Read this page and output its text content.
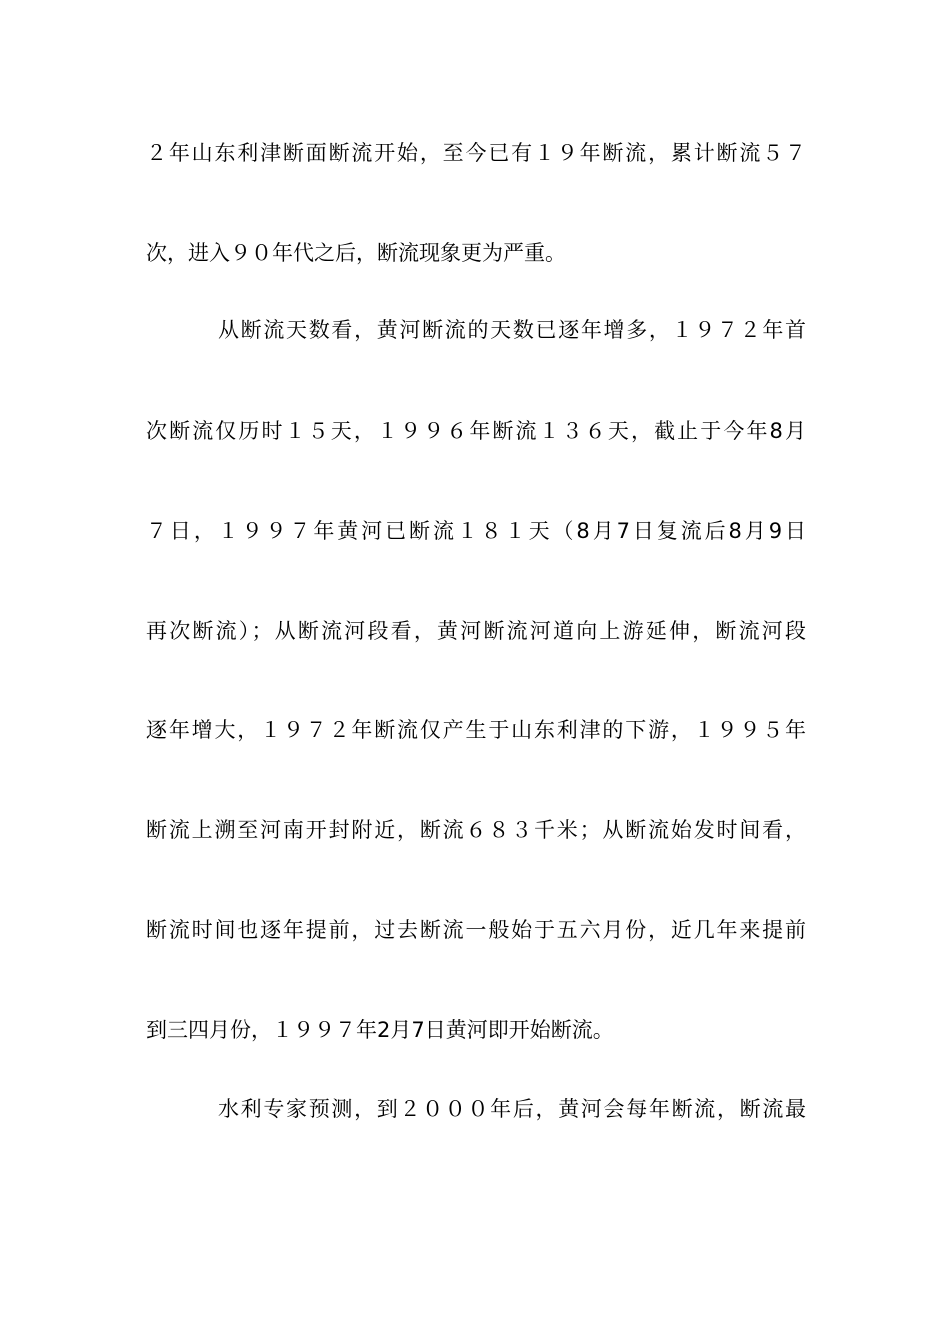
２年山东利津断面断流开始，至今已有１９年断流，累计断流５７
次，进入９０年代之后，断流现象更为严重。
从断流天数看，黄河断流的天数已逐年增多，１９７２年首
次断流仅历时１５天，１９９６年断流１３６天，截止于今年8月
７日，１９９７年黄河已断流１８１天（8月7日复流后8月9日
再次断流）；从断流河段看，黄河断流河道向上游延伸，断流河段
逐年增大，１９７２年断流仅产生于山东利津的下游，１９９５年
断流上溯至河南开封附近，断流６８３千米；从断流始发时间看，
断流时间也逐年提前，过去断流一般始于五六月份，近几年来提前
到三四月份，１９９７年2月7日黄河即开始断流。
水利专家预测，到２０００年后，黄河会每年断流，断流最
